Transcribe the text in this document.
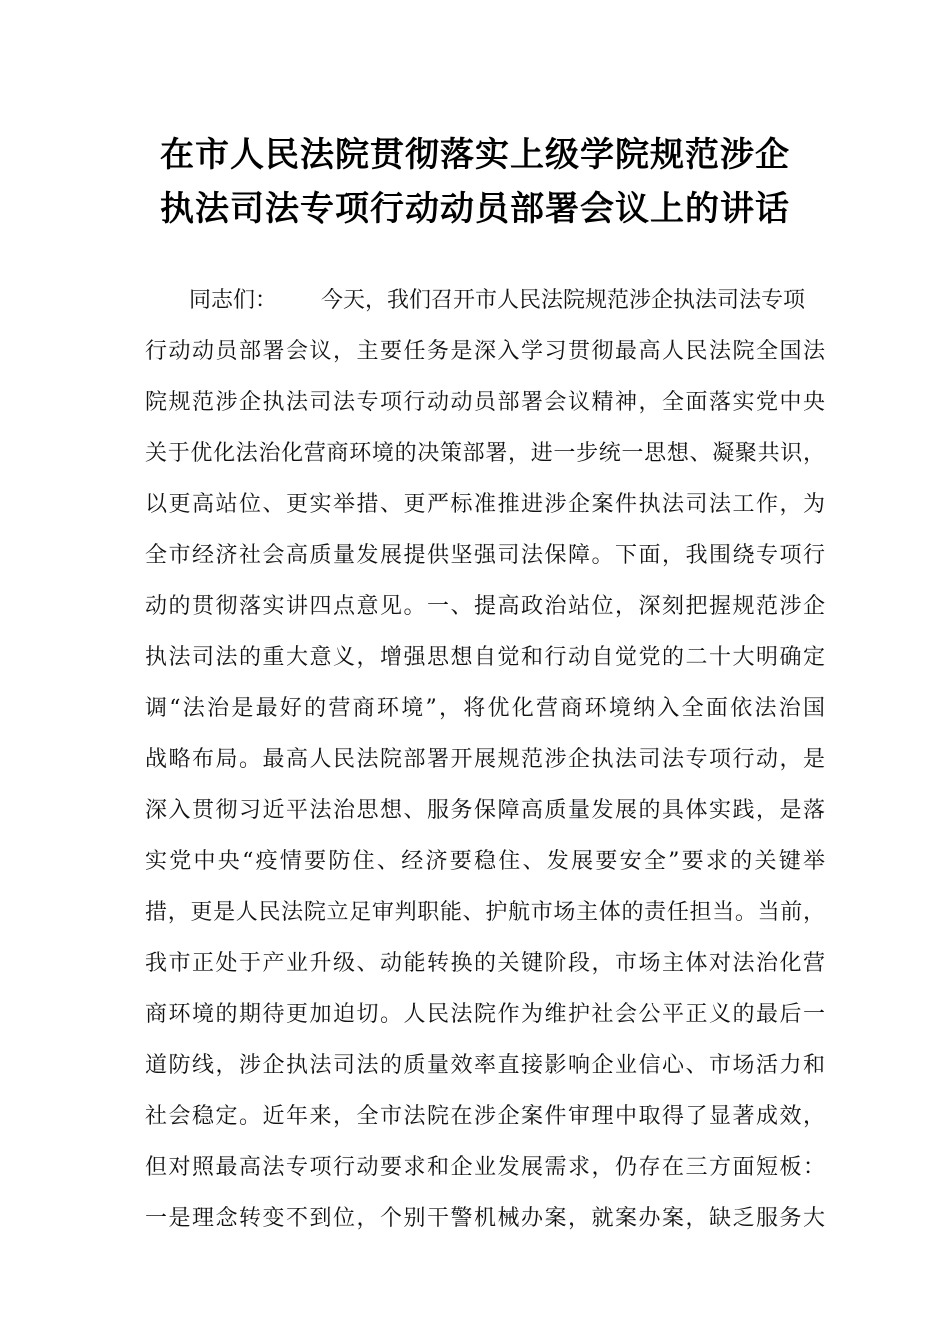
在市人民法院贯彻落实上级学院规范涉企
执法司法专项行动动员部署会议上的讲话
同志们： 今天，我们召开市人民法院规范涉企执法司法专项
行动动员部署会议，主要任务是深入学习贯彻最高人民法院全国法
院规范涉企执法司法专项行动动员部署会议精神，全面落实党中央
关于优化法治化营商环境的决策部署，进一步统一思想、凝聚共识，
以更高站位、更实举措、更严标准推进涉企案件执法司法工作，为
全市经济社会高质量发展提供坚强司法保障。下面，我围绕专项行
动的贯彻落实讲四点意见。一、提高政治站位，深刻把握规范涉企
执法司法的重大意义，增强思想自觉和行动自觉党的二十大明确定
调“法治是最好的营商环境”，将优化营商环境纳入全面依法治国
战略布局。最高人民法院部署开展规范涉企执法司法专项行动，是
深入贯彻习近平法治思想、服务保障高质量发展的具体实践，是落
实党中央“疫情要防住、经济要稳住、发展要安全”要求的关键举
措，更是人民法院立足审判职能、护航市场主体的责任担当。当前，
我市正处于产业升级、动能转换的关键阶段，市场主体对法治化营
商环境的期待更加迫切。人民法院作为维护社会公平正义的最后一
道防线，涉企执法司法的质量效率直接影响企业信心、市场活力和
社会稳定。近年来，全市法院在涉企案件审理中取得了显著成效，
但对照最高法专项行动要求和企业发展需求，仍存在三方面短板：
一是理念转变不到位，个别干警机械办案，就案办案，缺乏服务大
